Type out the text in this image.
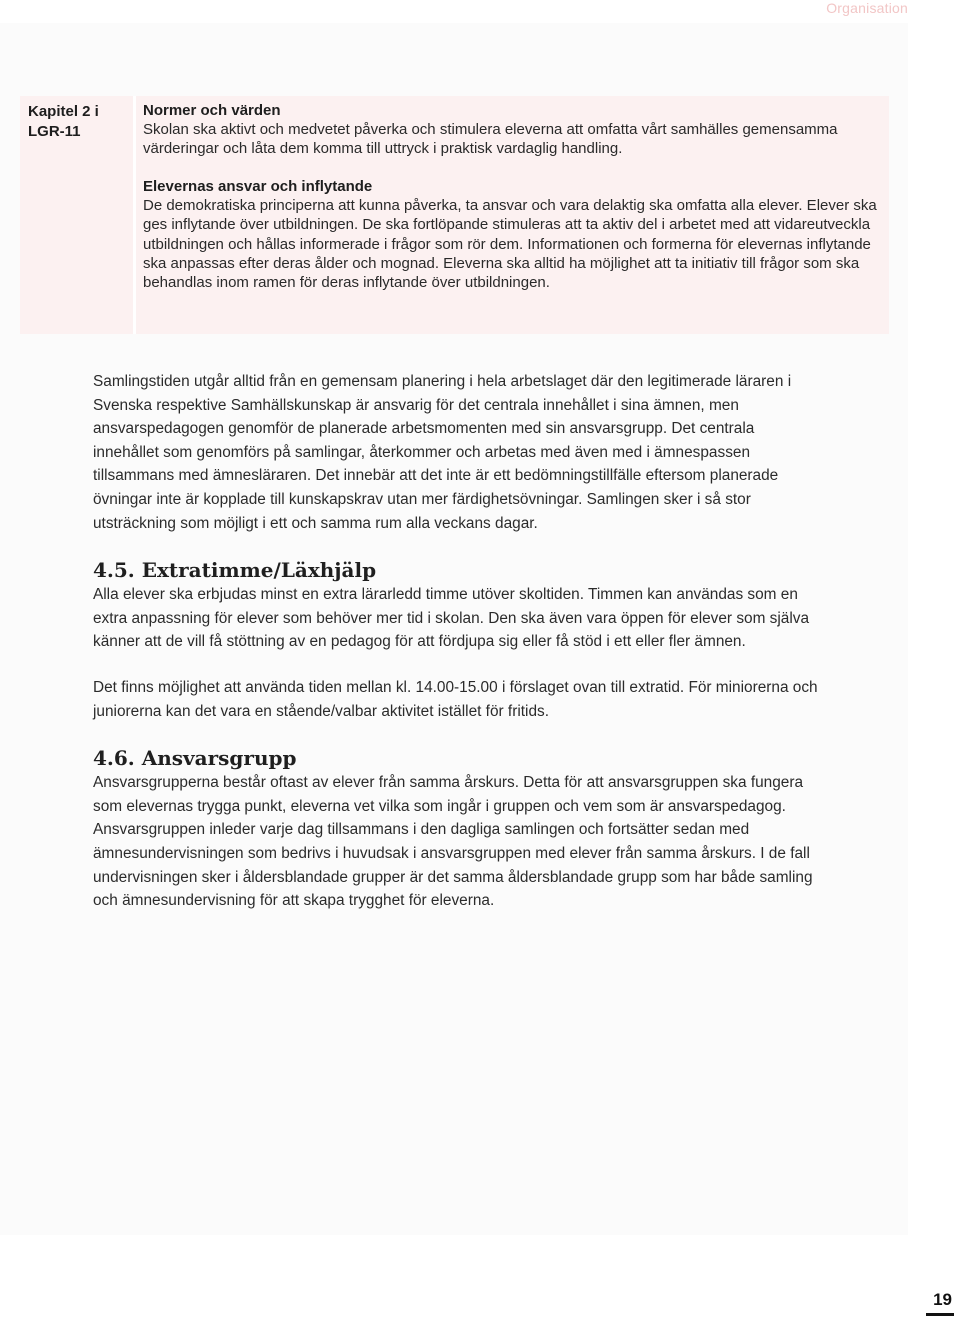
Organisation
Kapitel 2 i LGR-11
Normer och värden

Skolan ska aktivt och medvetet påverka och stimulera eleverna att omfatta vårt samhälles gemensamma värderingar och låta dem komma till uttryck i praktisk vardaglig handling.

Elevernas ansvar och inflytande

De demokratiska principerna att kunna påverka, ta ansvar och vara delaktig ska omfatta alla elever. Elever ska ges inflytande över utbildningen. De ska fortlöpande stimuleras att ta aktiv del i arbetet med att vidareutveckla utbildningen och hållas informerade i frågor som rör dem. Informationen och formerna för elevernas inflytande ska anpassas efter deras ålder och mognad. Eleverna ska alltid ha möjlighet att ta initiativ till frågor som ska behandlas inom ramen för deras inflytande över utbildningen.

Samlingstiden utgår alltid från en gemensam planering i hela arbetslaget där den legitimerade läraren i Svenska respektive Samhällskunskap är ansvarig för det centrala innehållet i sina ämnen, men ansvarspedagogen genomför de planerade arbetsmomenten med sin ansvarsgrupp. Det centrala innehållet som genomförs på samlingar, återkommer och arbetas med även med i ämnespassen tillsammans med ämneslärаren. Det innebär att det inte är ett bedömningstillfälle eftersom planerade övningar inte är kopplade till kunskapskrav utan mer färdighetsövningar. Samlingen sker i så stor utsträckning som möjligt i ett och samma rum alla veckans dagar.

4.5. Extratimme/Läxhjälp

Alla elever ska erbjudas minst en extra lärarledd timme utöver skoltiden. Timmen kan användas som en extra anpassning för elever som behöver mer tid i skolan. Den ska även vara öppen för elever som själva känner att de vill få stöttning av en pedagog för att fördjupa sig eller få stöd i ett eller fler ämnen.

Det finns möjlighet att använda tiden mellan kl. 14.00-15.00 i förslaget ovan till extratid. För miniorerna och juniorerna kan det vara en stående/valbar aktivitet istället för fritids.

4.6. Ansvarsgrupp

Ansvarsgrupperna består oftast av elever från samma årskurs. Detta för att ansvarsgruppen ska fungera som elevernas trygga punkt, eleverna vet vilka som ingår i gruppen och vem som är ansvarspedagog. Ansvarsgruppen inleder varje dag tillsammans i den dagliga samlingen och fortsätter sedan med ämnesundervisningen som bedrivs i huvudsak i ansvarsgruppen med elever från samma årskurs. I de fall undervisningen sker i åldersblandade grupper är det samma åldersblandade grupp som har både samling och ämnesundervisning för att skapa trygghet för eleverna.

19
